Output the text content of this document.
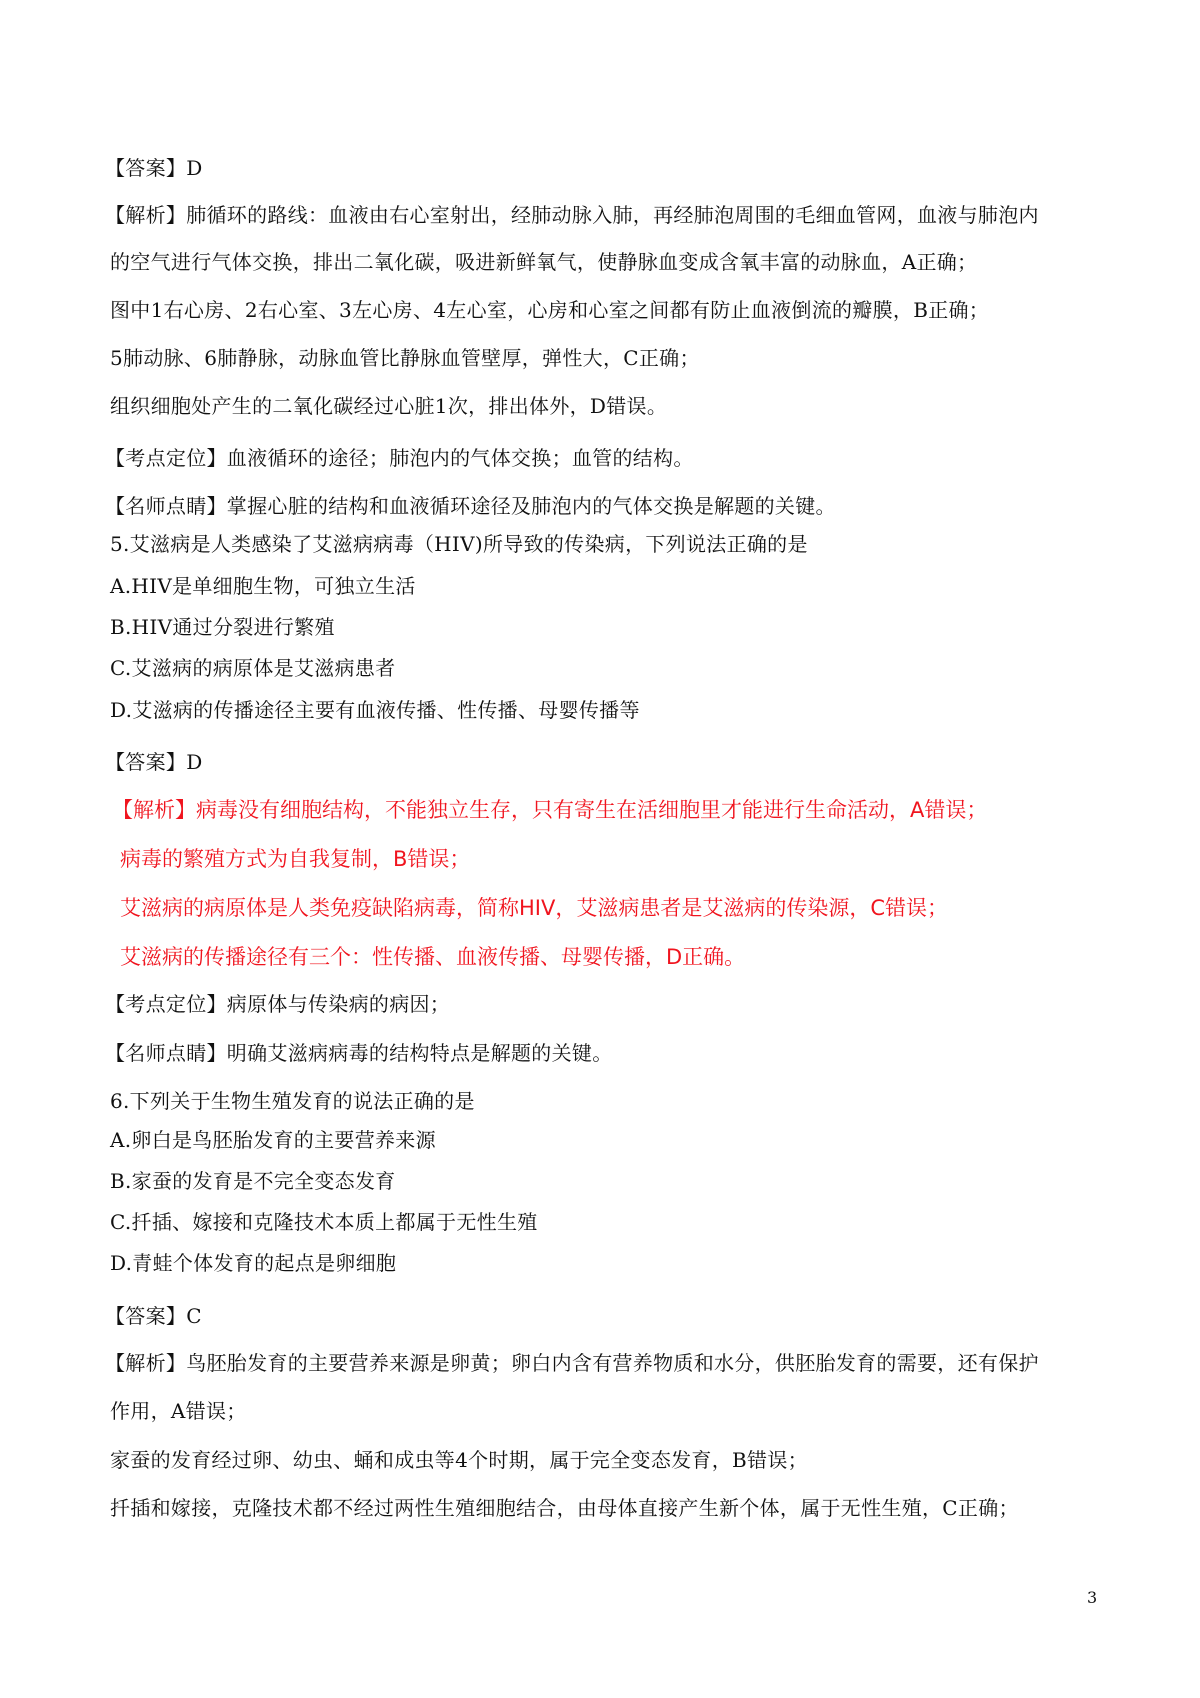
【答案】D
【解析】肺循环的路线：血液由右心室射出，经肺动脉入肺，再经肺泡周围的毛细血管网，血液与肺泡内
的空气进行气体交换，排出二氧化碳，吸进新鲜氧气，使静脉血变成含氧丰富的动脉血，A正确；
图中1右心房、2右心室、3左心房、4左心室，心房和心室之间都有防止血液倒流的瓣膜，B正确；
5肺动脉、6肺静脉，动脉血管比静脉血管壁厚，弹性大，C正确；
组织细胞处产生的二氧化碳经过心脏1次，排出体外，D错误。
【考点定位】血液循环的途径；肺泡内的气体交换；血管的结构。
【名师点睛】掌握心脏的结构和血液循环途径及肺泡内的气体交换是解题的关键。
5.艾滋病是人类感染了艾滋病病毒（HIV)所导致的传染病，下列说法正确的是
A.HIV是单细胞生物，可独立生活
B.HIV通过分裂进行繁殖
C.艾滋病的病原体是艾滋病患者
D.艾滋病的传播途径主要有血液传播、性传播、母婴传播等
【答案】D
【解析】病毒没有细胞结构，不能独立生存，只有寄生在活细胞里才能进行生命活动，A错误；
病毒的繁殖方式为自我复制，B错误；
艾滋病的病原体是人类免疫缺陷病毒，简称HIV，艾滋病患者是艾滋病的传染源，C错误；
艾滋病的传播途径有三个：性传播、血液传播、母婴传播，D正确。
【考点定位】病原体与传染病的病因；
【名师点睛】明确艾滋病病毒的结构特点是解题的关键。
6.下列关于生物生殖发育的说法正确的是
A.卵白是鸟胚胎发育的主要营养来源
B.家蚕的发育是不完全变态发育
C.扦插、嫁接和克隆技术本质上都属于无性生殖
D.青蛙个体发育的起点是卵细胞
【答案】C
【解析】鸟胚胎发育的主要营养来源是卵黄；卵白内含有营养物质和水分，供胚胎发育的需要，还有保护
作用，A错误；
家蚕的发育经过卵、幼虫、蛹和成虫等4个时期，属于完全变态发育，B错误；
扦插和嫁接，克隆技术都不经过两性生殖细胞结合，由母体直接产生新个体，属于无性生殖，C正确；
3
